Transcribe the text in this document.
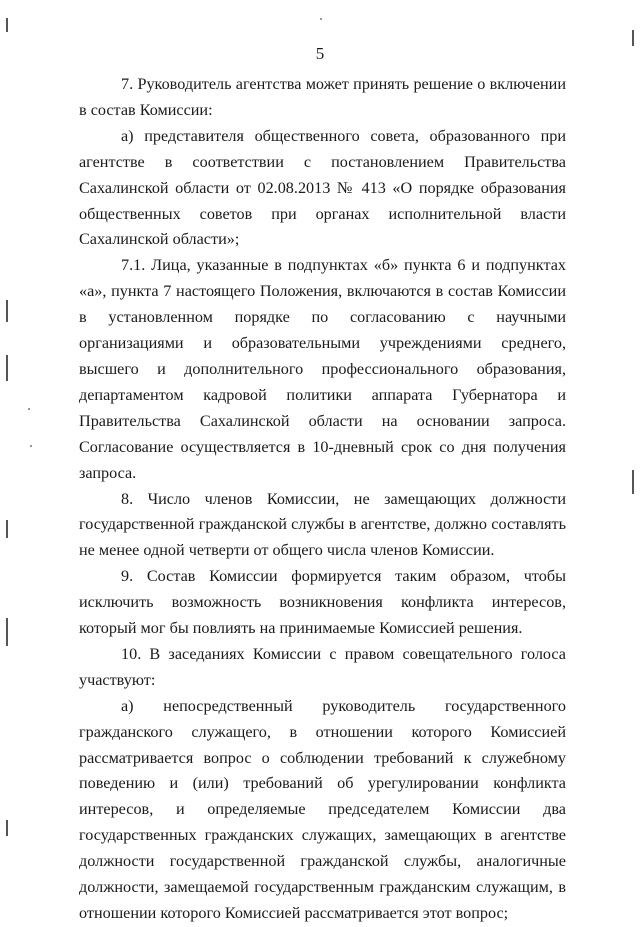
5

7. Руководитель агентства может принять решение о включении в состав Комиссии:

а) представителя общественного совета, образованного при агентстве в соответствии с постановлением Правительства Сахалинской области от 02.08.2013 № 413 «О порядке образования общественных советов при органах исполнительной власти Сахалинской области»;

7.1. Лица, указанные в подпунктах «б» пункта 6 и подпунктах «а», пункта 7 настоящего Положения, включаются в состав Комиссии в установленном порядке по согласованию с научными организациями и образовательными учреждениями среднего, высшего и дополнительного профессионального образования, департаментом кадровой политики аппарата Губернатора и Правительства Сахалинской области на основании запроса. Согласование осуществляется в 10-дневный срок со дня получения запроса.

8. Число членов Комиссии, не замещающих должности государственной гражданской службы в агентстве, должно составлять не менее одной четверти от общего числа членов Комиссии.

9. Состав Комиссии формируется таким образом, чтобы исключить возможность возникновения конфликта интересов, который мог бы повлиять на принимаемые Комиссией решения.

10. В заседаниях Комиссии с правом совещательного голоса участвуют:

а) непосредственный руководитель государственного гражданского служащего, в отношении которого Комиссией рассматривается вопрос о соблюдении требований к служебному поведению и (или) требований об урегулировании конфликта интересов, и определяемые председателем Комиссии два государственных гражданских служащих, замещающих в агентстве должности государственной гражданской службы, аналогичные должности, замещаемой государственным гражданским служащим, в отношении которого Комиссией рассматривается этот вопрос;
